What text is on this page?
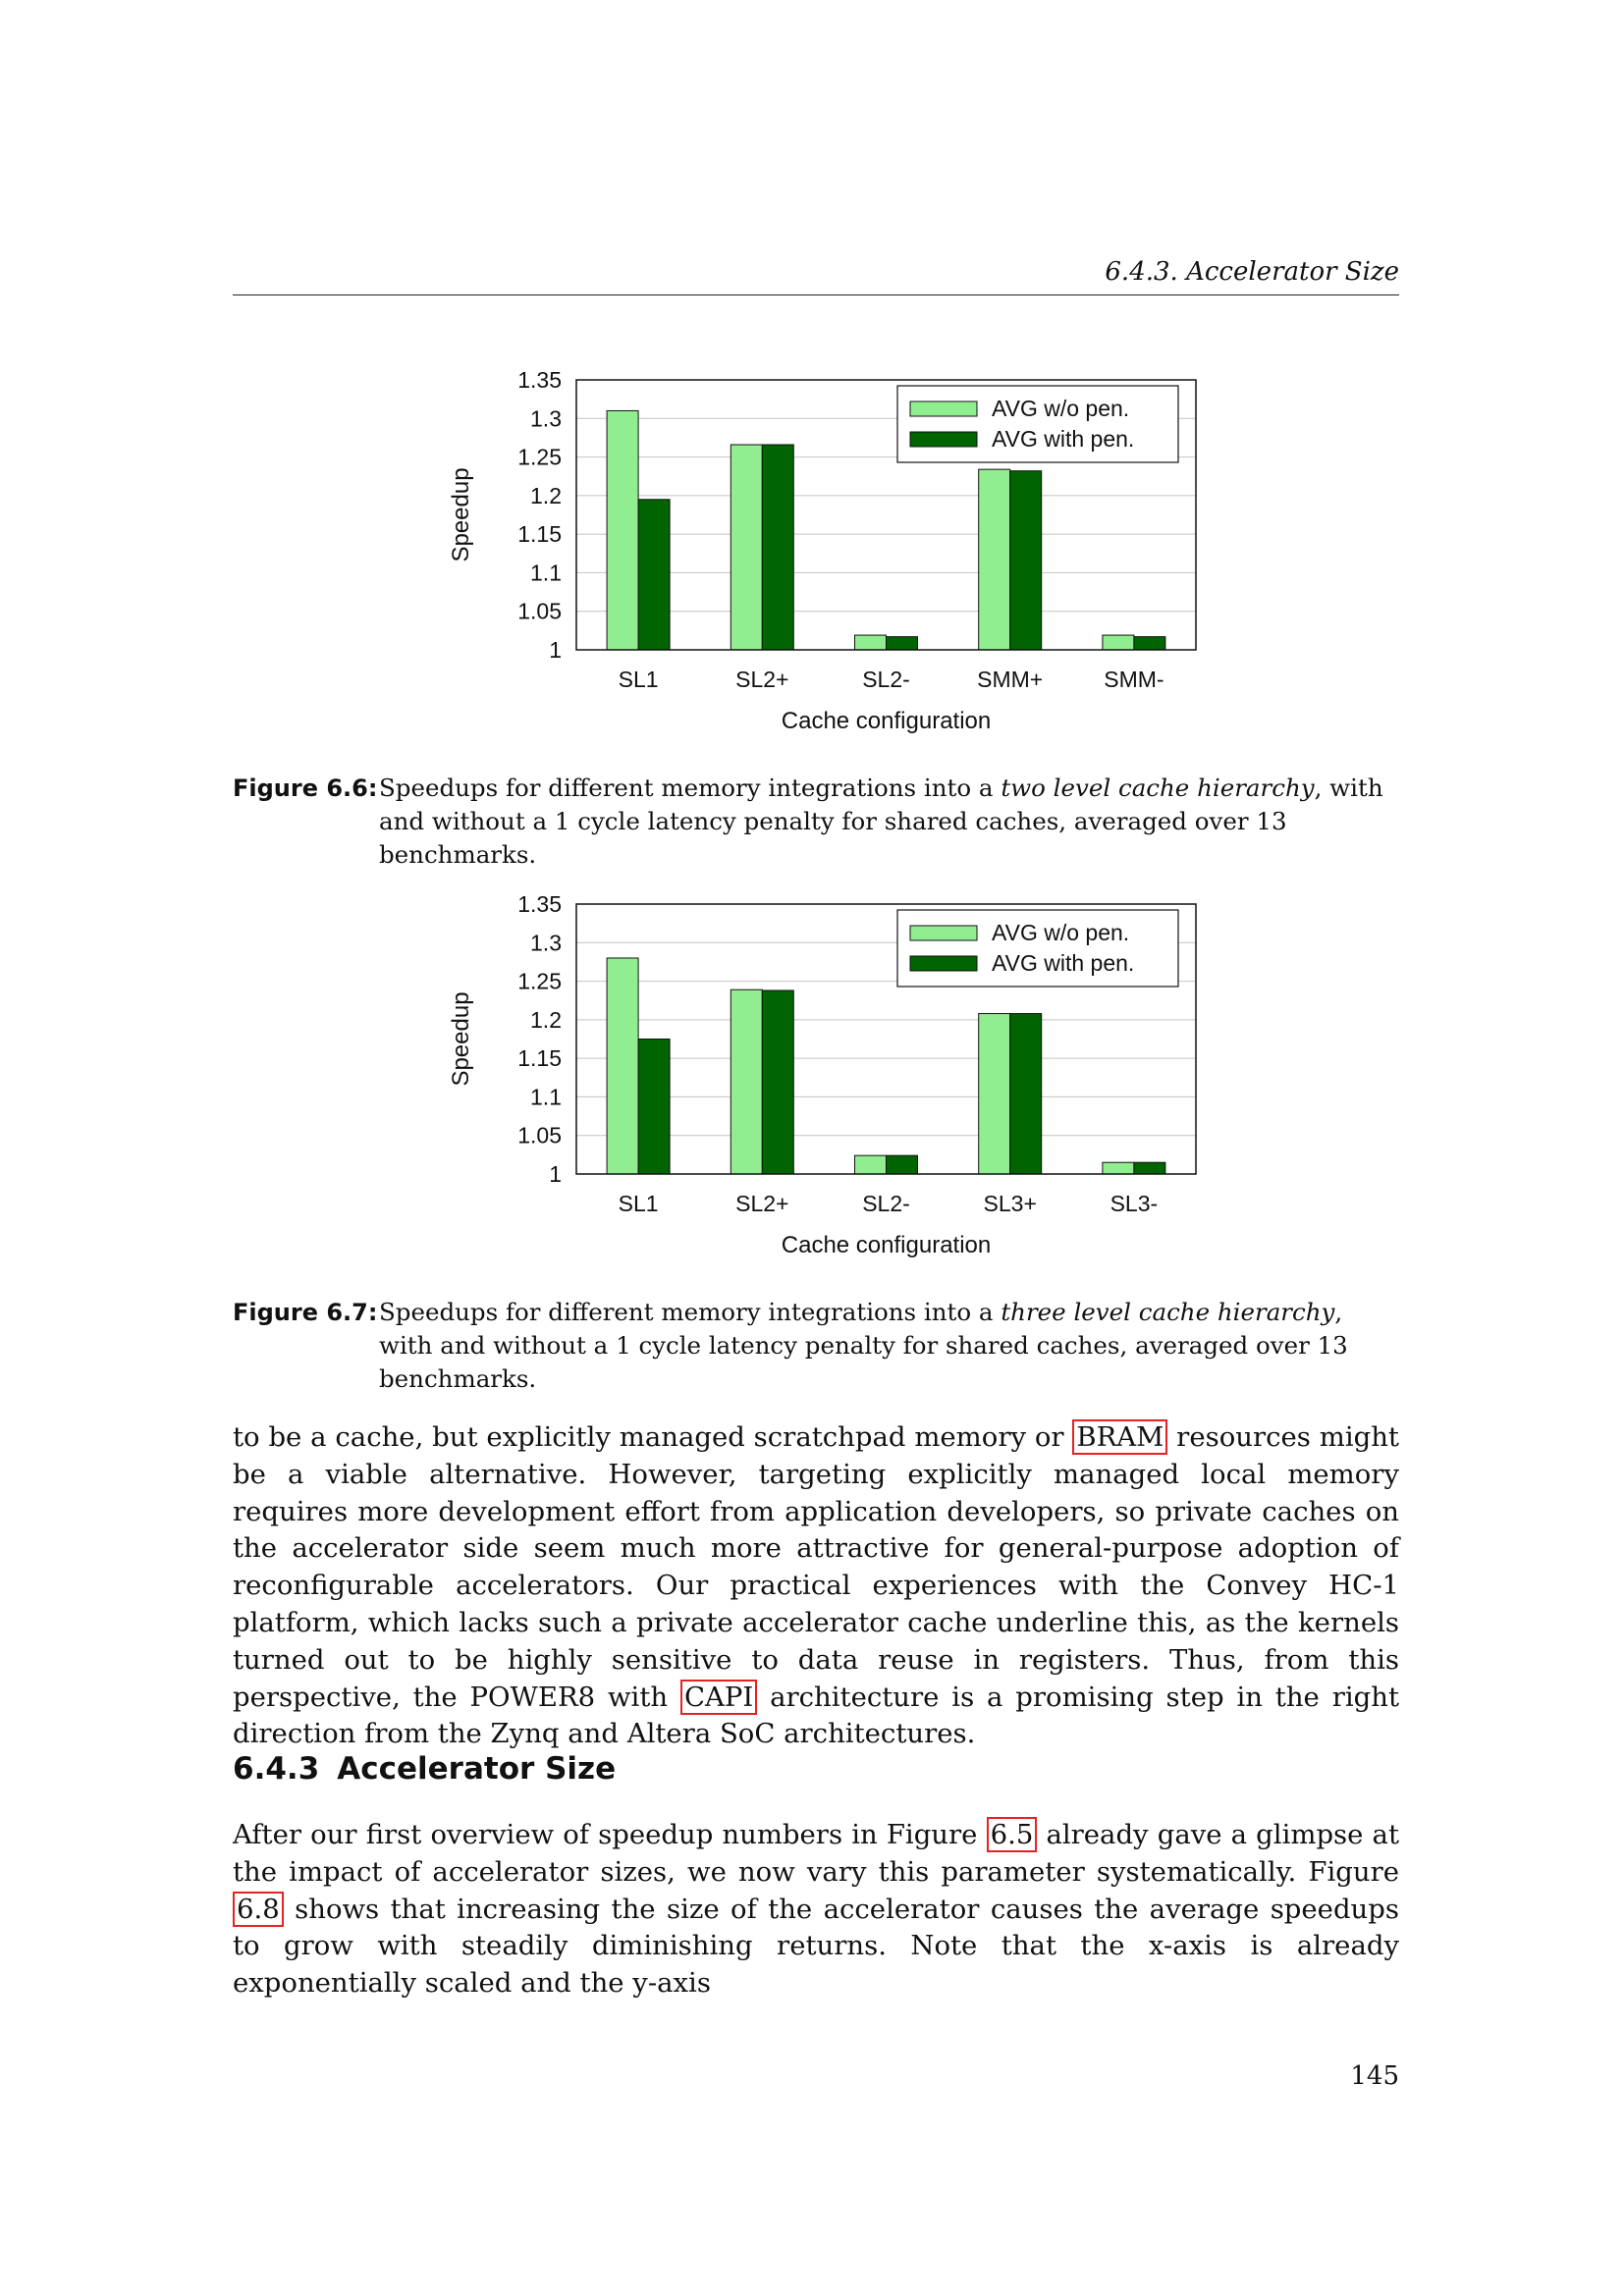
6.4.3. Accelerator Size
1
1.05
1.1
1.15
1.2
1.25
1.3
1.35
SL1	SL2+	SL2-	SMM+	SMM-
Cache configuration
Speedup
AVG w/o pen.
AVG with pen.
Figure 6.6: Speedups for different memory integrations into a two level cache hierarchy, with and without a 1 cycle latency penalty for shared caches, averaged over 13 benchmarks.
1
1.05
1.1
1.15
1.2
1.25
1.3
1.35
SL1	SL2+	SL2-	SL3+	SL3-
Cache configuration
Speedup
AVG w/o pen.
AVG with pen.
Figure 6.7: Speedups for different memory integrations into a three level cache hierarchy, with and without a 1 cycle latency penalty for shared caches, averaged over 13 benchmarks.
to be a cache, but explicitly managed scratchpad memory or BRAM resources might be a viable alternative. However, targeting explicitly managed local memory requires more development effort from application developers, so private caches on the accelerator side seem much more attractive for general-purpose adoption of reconfigurable accelerators. Our practical experiences with the Convey HC-1 platform, which lacks such a private accelerator cache underline this, as the kernels turned out to be highly sensitive to data reuse in registers. Thus, from this perspective, the POWER8 with CAPI architecture is a promising step in the right direction from the Zynq and Altera SoC architectures.
6.4.3 Accelerator Size
After our first overview of speedup numbers in Figure 6.5 already gave a glimpse at the impact of accelerator sizes, we now vary this parameter systematically. Figure 6.8 shows that increasing the size of the accelerator causes the average speedups to grow with steadily diminishing returns. Note that the x-axis is already exponentially scaled and the y-axis
145
